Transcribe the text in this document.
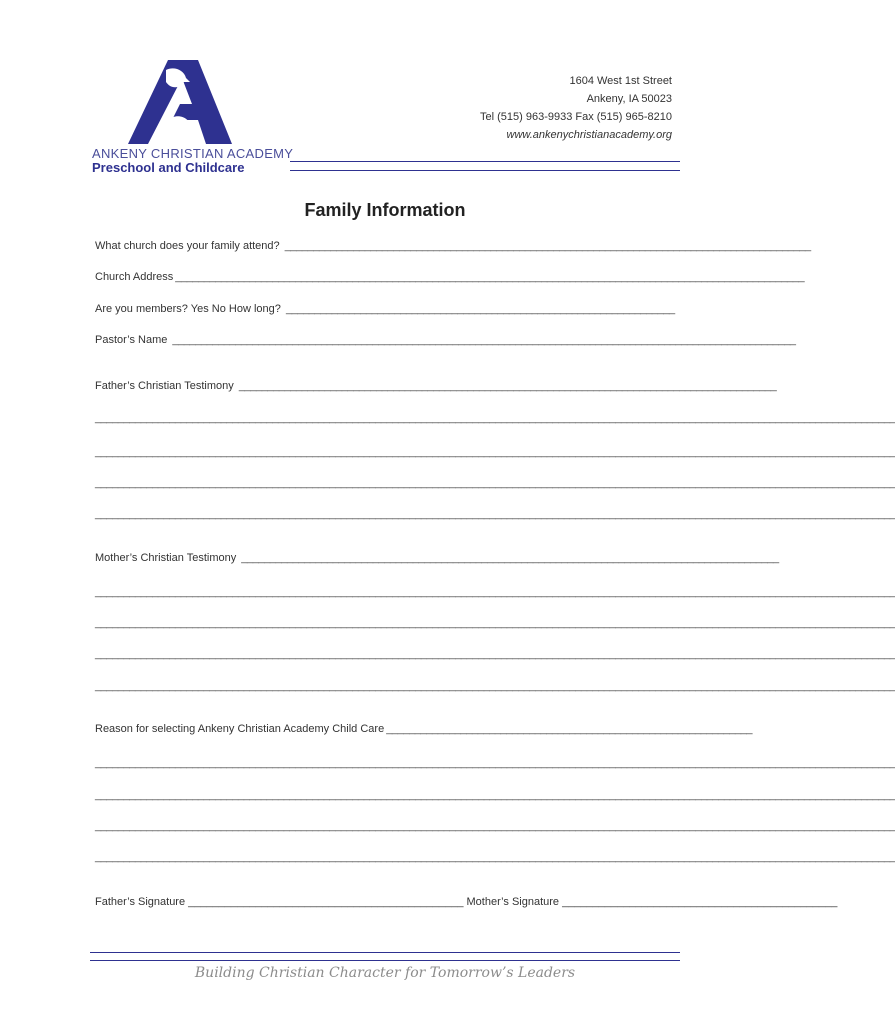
ANKENY CHRISTIAN ACADEMY
Preschool and Childcare
1604 West 1st Street
Ankeny, IA 50023
Tel (515) 963-9933 Fax (515) 965-8210
www.ankenychristianacademy.org
Family Information
What church does your family attend? ____________________________________________________________________________________________
Church Address ______________________________________________________________________________________________________________
Are you members? Yes No How long? ____________________________________________________________________
Pastor’s Name _____________________________________________________________________________________________________________
Father’s Christian Testimony ______________________________________________________________________________________________
____________________________________________________________________________________________________________________________________________
____________________________________________________________________________________________________________________________________________
____________________________________________________________________________________________________________________________________________
____________________________________________________________________________________________________________________________________________
Mother’s Christian Testimony ______________________________________________________________________________________________
____________________________________________________________________________________________________________________________________________
____________________________________________________________________________________________________________________________________________
____________________________________________________________________________________________________________________________________________
____________________________________________________________________________________________________________________________________________
Reason for selecting Ankeny Christian Academy Child Care ________________________________________________________________
____________________________________________________________________________________________________________________________________________
____________________________________________________________________________________________________________________________________________
____________________________________________________________________________________________________________________________________________
____________________________________________________________________________________________________________________________________________
Father’s Signature _____________________________________________ Mother’s Signature _____________________________________________
Building Christian Character for Tomorrow’s Leaders
